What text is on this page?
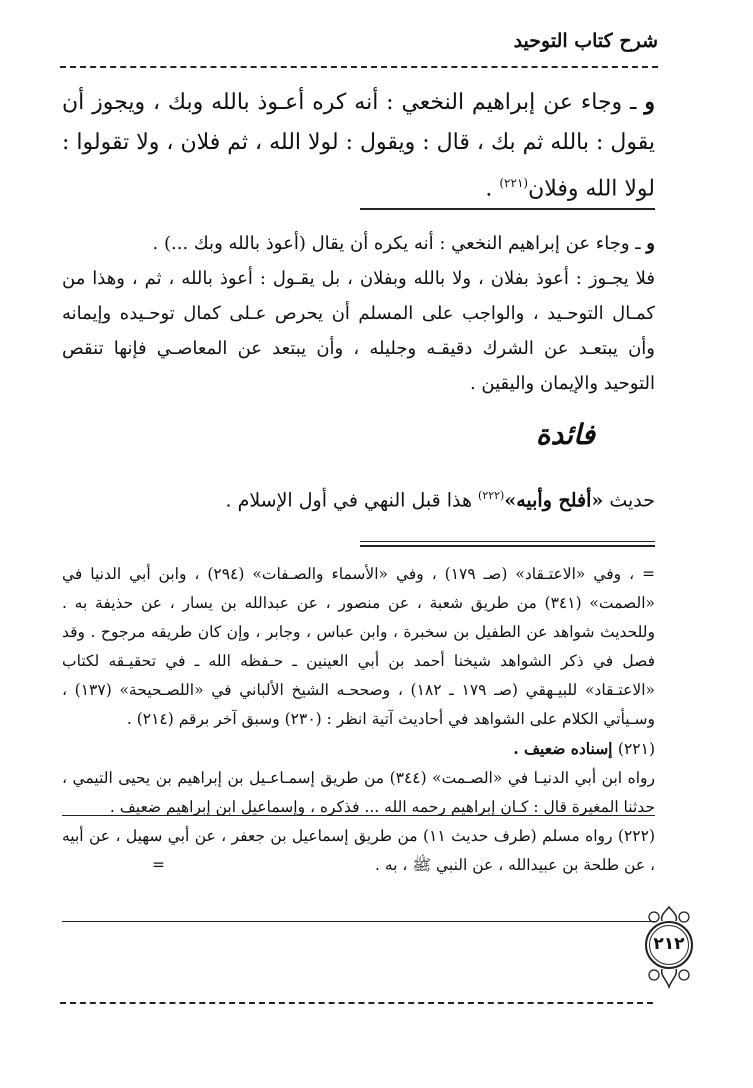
شرح كتاب التوحيد
و ـ وجاء عن إبراهيم النخعي : أنه كره أعـوذ بالله وبك ، ويجوز أن يقول : بالله ثم بك ، قال : ويقول : لولا الله ، ثم فلان ، ولا تقولوا : لولا الله وفلان$^{(٢٢١)}$ .
و ـ وجاء عن إبراهيم النخعي : أنه يكره أن يقال (أعوذ بالله وبك ...) .
فلا يجـوز : أعوذ بفلان ، ولا بالله وبفلان ، بل يقـول : أعوذ بالله ، ثم ، وهذا من كمـال التوحـيد ، والواجب على المسلم أن يحرص عـلى كمال توحـيده وإيمانه وأن يبتعـد عن الشرك دقيقـه وجليله ، وأن يبتعد عن المعاصـي فإنها تنقص التوحيد والإيمان واليقين .
فائدة
حديث «أفلح وأبيه»$^{(٢٢٢)}$ هذا قبل النهي في أول الإسلام .
= ، وفي «الاعتـقاد» (صـ ١٧٩) ، وفي «الأسماء والصـفات» (٢٩٤) ، وابن أبي الدنيا في «الصمت» (٣٤١) من طريق شعبة ، عن منصور ، عن عبدالله بن يسار ، عن حذيفة به . وللحديث شواهد عن الطفيل بن سخبرة ، وابن عباس ، وجابر ، وإن كان طريقه مرجوح . وقد فصل في ذكر الشواهد شيخنا أحمد بن أبي العينين ـ حـفظه الله ـ في تحقيـقه لكتاب «الاعتـقاد» للبيـهقي (صـ ١٧٩ ـ ١٨٢) ، وصححـه الشيخ الألباني في «اللصـحيحة» (١٣٧) ، وسـيأتي الكلام على الشواهد في أحاديث آتية انظر : (٢٣٠) وسبق آخر برقم (٢١٤) .
(٢٢١) إسناده ضعيف .
رواه ابن أبي الدنيـا في «الصـمت» (٣٤٤) من طريق إسمـاعـيل بن إبراهيم بن يحيى التيمي ، حدثنا المغيرة قال : كـان إبراهيم رحمه الله ... فذكره ، وإسماعيل ابن إبراهيم ضعيف .
(٢٢٢) رواه مسلم (طرف حديث ١١) من طريق إسماعيل بن جعفر ، عن أبي سهيل ، عن أبيه ، عن طلحة بن عبيدالله ، عن النبي ﷺ ، به .
=
٢١٢
